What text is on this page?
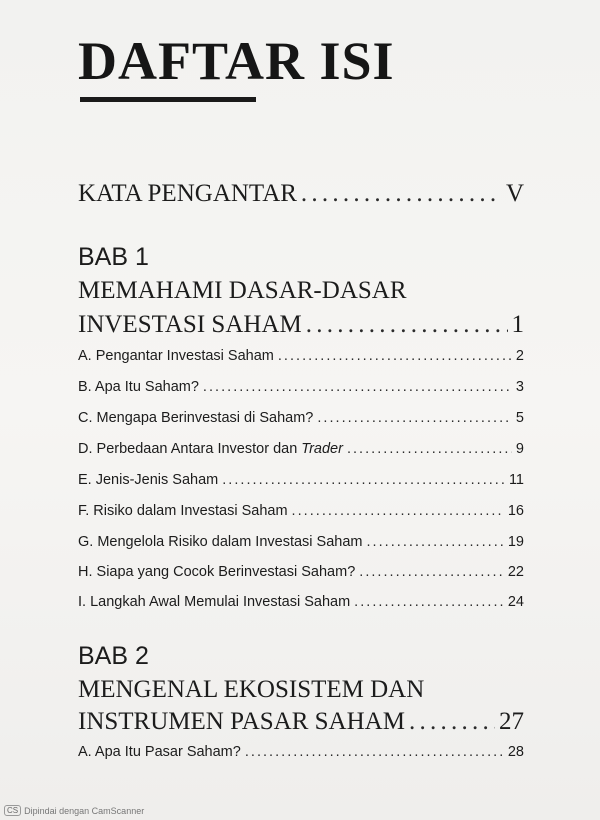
DAFTAR ISI
KATA PENGANTAR . . .	V
BAB 1
MEMAHAMI DASAR-DASAR
INVESTASI SAHAM . . .	1
A. Pengantar Investasi Saham . . .	2
B. Apa Itu Saham? . . .	3
C. Mengapa Berinvestasi di Saham? . . .	5
D. Perbedaan Antara Investor dan Trader . . .	9
E. Jenis-Jenis Saham . . .	11
F. Risiko dalam Investasi Saham . . .	16
G. Mengelola Risiko dalam Investasi Saham . . .	19
H. Siapa yang Cocok Berinvestasi Saham? . . .	22
I. Langkah Awal Memulai Investasi Saham . . .	24
BAB 2
MENGENAL EKOSISTEM DAN
INSTRUMEN PASAR SAHAM . . .	27
A. Apa Itu Pasar Saham? . . .	28
CS Dipindai dengan CamScanner
